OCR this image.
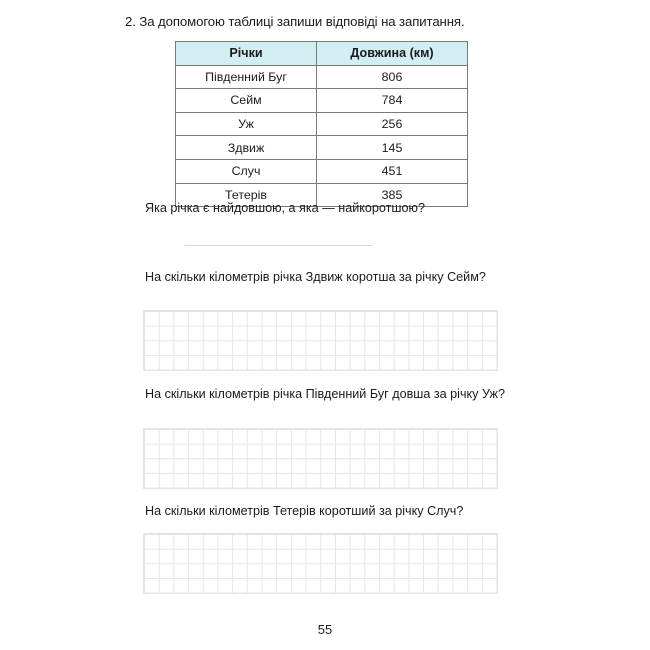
2. За допомогою таблиці запиши відповіді на запитання.
Річки	Довжина (км)
Південний Буг	806
Сейм	784
Уж	256
Здвиж	145
Случ	451
Тетерів	385
Яка річка є найдовшою, а яка — найкоротшою?
На скільки кілометрів річка Здвиж коротша за річку Сейм?
На скільки кілометрів річка Південний Буг довша за річку Уж?
На скільки кілометрів Тетерів коротший за річку Случ?
55
